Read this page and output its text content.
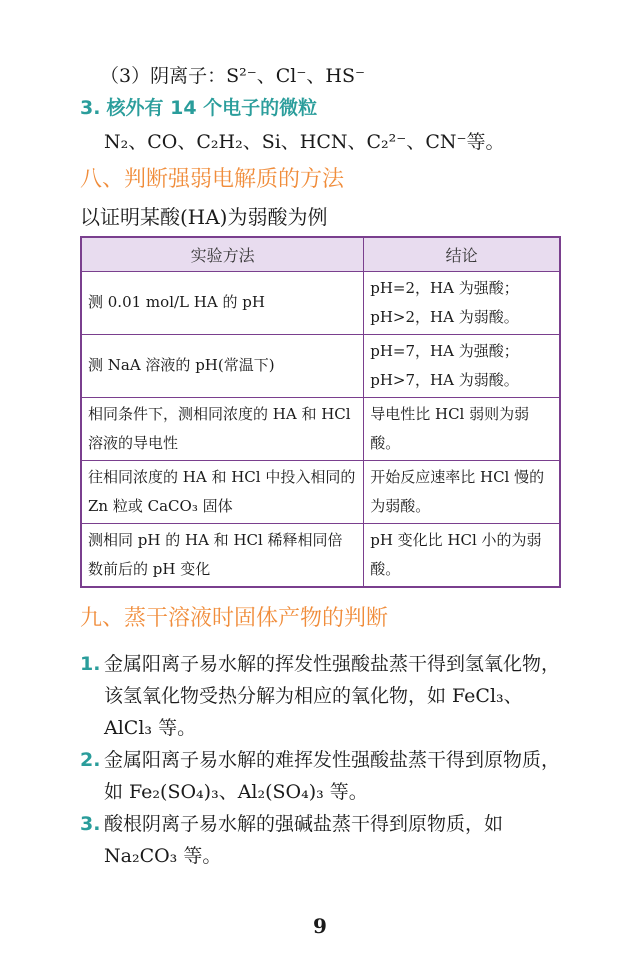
（3）阴离子：S²⁻、Cl⁻、HS⁻
3. 核外有 14 个电子的微粒
N₂、CO、C₂H₂、Si、HCN、C₂²⁻、CN⁻等。
八、判断强弱电解质的方法
以证明某酸(HA)为弱酸为例
实验方法	结论
测 0.01 mol/L HA 的 pH	pH=2，HA 为强酸；pH>2，HA 为弱酸。
测 NaA 溶液的 pH(常温下)	pH=7，HA 为强酸；pH>7，HA 为弱酸。
相同条件下，测相同浓度的 HA 和 HCl 溶液的导电性	导电性比 HCl 弱则为弱酸。
往相同浓度的 HA 和 HCl 中投入相同的 Zn 粒或 CaCO₃ 固体	开始反应速率比 HCl 慢的为弱酸。
测相同 pH 的 HA 和 HCl 稀释相同倍数前后的 pH 变化	pH 变化比 HCl 小的为弱酸。
九、蒸干溶液时固体产物的判断
1. 金属阳离子易水解的挥发性强酸盐蒸干得到氢氧化物，该氢氧化物受热分解为相应的氧化物，如 FeCl₃、AlCl₃ 等。
2. 金属阳离子易水解的难挥发性强酸盐蒸干得到原物质，如 Fe₂(SO₄)₃、Al₂(SO₄)₃ 等。
3. 酸根阴离子易水解的强碱盐蒸干得到原物质，如 Na₂CO₃ 等。
9
